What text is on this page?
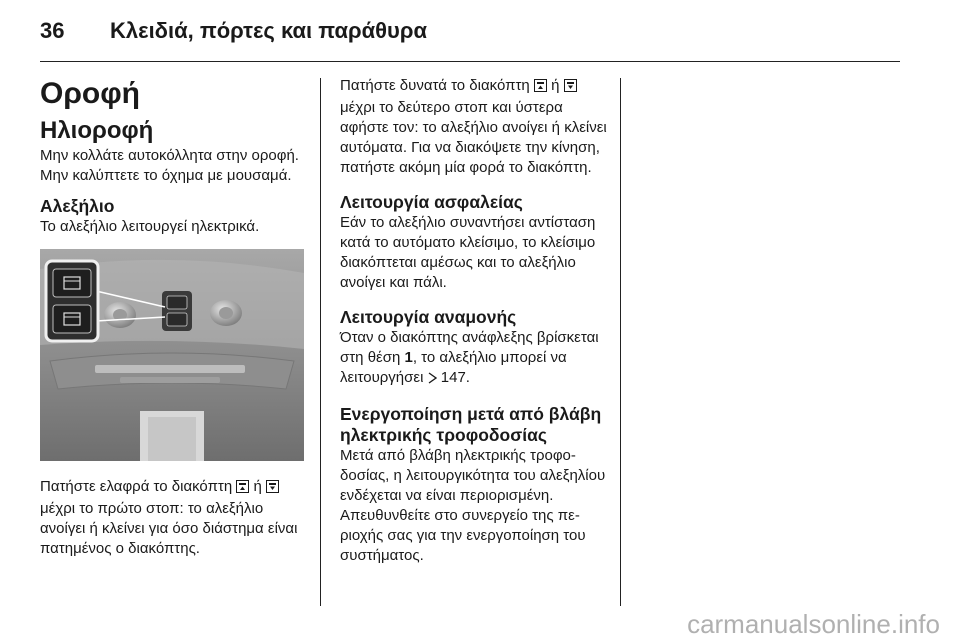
36 Κλειδιά, πόρτες και παράθυρα
Οροφή
Ηλιοροφή

Μην κολλάτε αυτοκόλλητα στην οροφή. Μην καλύπτετε το όχημα με μουσαμά.

Αλεξήλιο

Το αλεξήλιο λειτουργεί ηλεκτρικά.

Πατήστε ελαφρά το διακόπτη ή  μέχρι το πρώτο στοπ: το αλεξήλιο ανοίγει ή κλείνει για όσο διάστημα είναι πατημένος ο διακόπτης.

Πατήστε δυνατά το διακόπτη ή  μέχρι το δεύτερο στοπ και ύστερα αφήστε τον: το αλεξήλιο ανοίγει ή κλείνει αυτόματα. Για να διακόψετε την κίνηση, πατήστε ακόμη μία φορά το διακόπτη.

Λειτουργία ασφαλείας

Εάν το αλεξήλιο συναντήσει αντίσταση κατά το αυτόματο κλείσιμο, το κλείσιμο διακόπτεται αμέσως και το αλεξήλιο ανοίγει και πάλι.

Λειτουργία αναμονής

Όταν ο διακόπτης ανάφλεξης βρίσκεται στη θέση 1, το αλεξήλιο μπορεί να λειτουργήσει 147.

Ενεργοποίηση μετά από βλάβη ηλεκτρικής τροφοδοσίας

Μετά από βλάβη ηλεκτρικής τροφοδοσίας, η λειτουργικότητα του αλεξηλίου ενδέχεται να είναι περιορισμένη. Απευθυνθείτε στο συνεργείο της περιοχής σας για την ενεργοποίηση του συστήματος.

carmanualsonline.info
